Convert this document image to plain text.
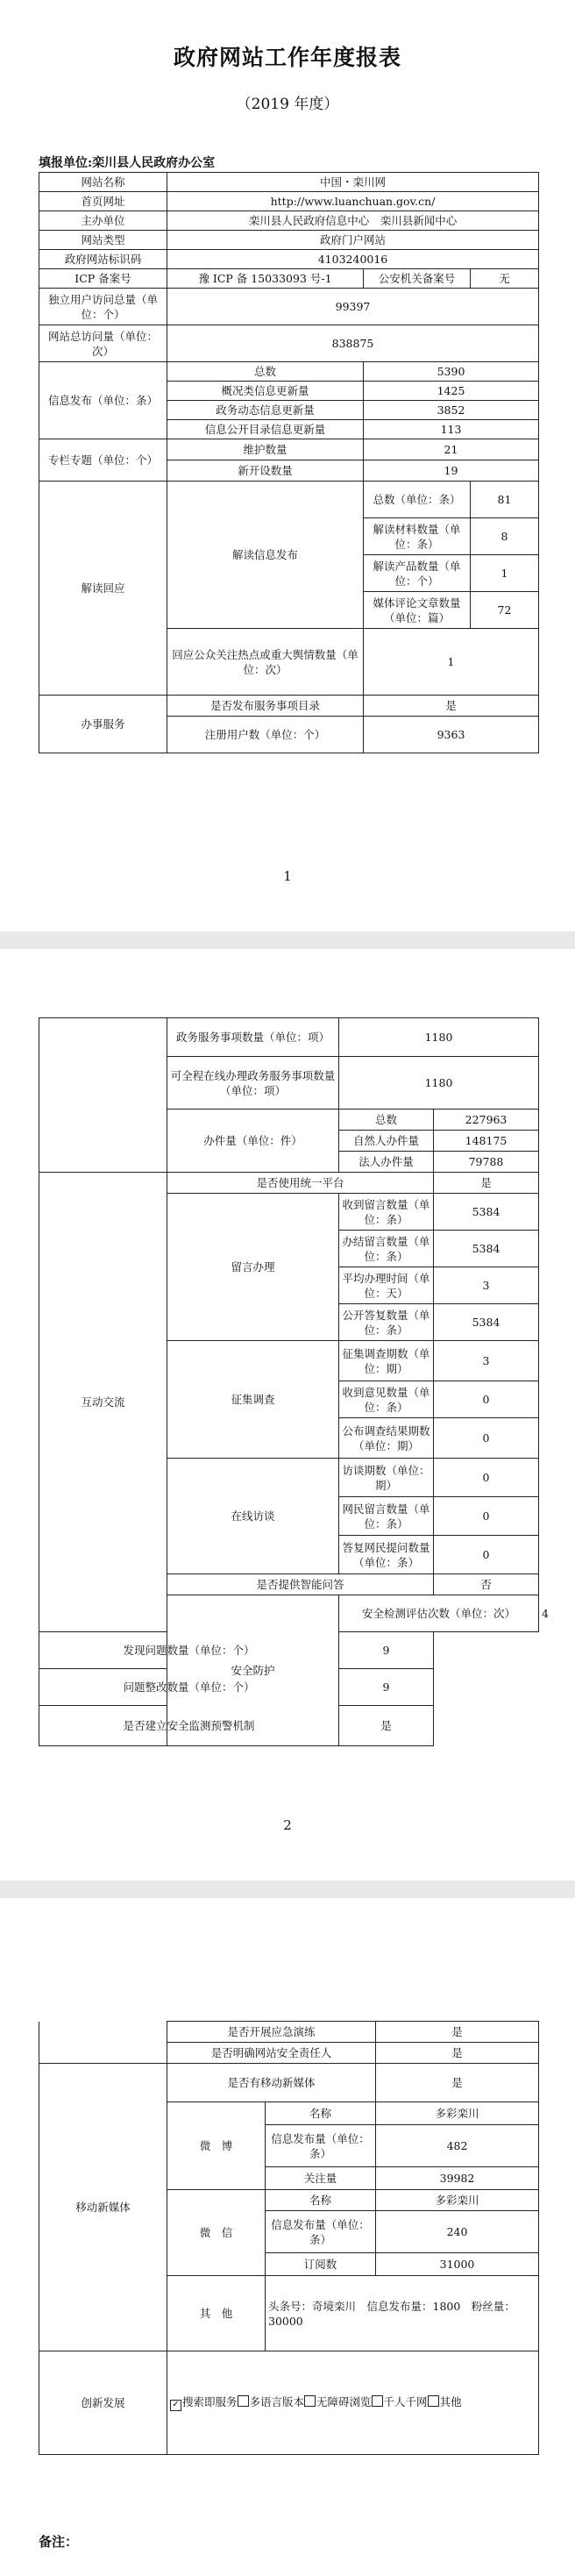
政府网站工作年度报表
（2019 年度）
填报单位:栾川县人民政府办公室
网站名称	中国・栾川网		
首页网址	http://www.luanchuan.gov.cn/		
主办单位	栾川县人民政府信息中心　栾川县新闻中心		
网站类型	政府门户网站		
政府网站标识码	4103240016		
ICP 备案号	豫 ICP 备 15033093 号-1	公安机关备案号	无
独立用户访问总量（单位：个）	99397		
网站总访问量（单位：次）	838875		
信息发布（单位：条）	总数	5390	
	概况类信息更新量	1425	
	政务动态信息更新量	3852	
	信息公开目录信息更新量	113	
专栏专题（单位：个）	维护数量	21	
	新开设数量	19	
解读回应	解读信息发布	总数（单位：条）	81
		解读材料数量（单位：条）	8
		解读产品数量（单位：个）	1
		媒体评论文章数量（单位：篇）	72
	回应公众关注热点或重大舆情数量（单位：次）	1	
办事服务	是否发布服务事项目录	是	
	注册用户数（单位：个）	9363	
1
	政务服务事项数量（单位：项）	1180		
	可全程在线办理政务服务事项数量（单位：项）	1180		
	办件量（单位：件）	总数	227963	
		自然人办件量	148175	
		法人办件量	79788	
互动交流	是否使用统一平台		是	
	留言办理	收到留言数量（单位：条）	5384	
		办结留言数量（单位：条）	5384	
		平均办理时间（单位：天）	3	
		公开答复数量（单位：条）	5384	
	征集调查	征集调查期数（单位：期）	3	
		收到意见数量（单位：条）	0	
		公布调查结果期数（单位：期）	0	
	在线访谈	访谈期数（单位：期）	0	
		网民留言数量（单位：条）	0	
		答复网民提问数量（单位：条）	0	
	是否提供智能问答		否	
	安全防护	安全检测评估次数（单位：次）		4
发现问题数量（单位：个）		9		
问题整改数量（单位：个）		9		
是否建立安全监测预警机制		是		
2
	是否开展应急演练		是
	是否明确网站安全责任人		是
移动新媒体	是否有移动新媒体		是
	微　博	名称	多彩栾川
		信息发布量（单位：条）	482
		关注量	39982
	微　信	名称	多彩栾川
		信息发布量（单位：条）	240
		订阅数	31000
	其　他	头条号：奇境栾川　信息发布量：1800　粉丝量：30000	
创新发展	✓ 搜索即服务 多语言版本 无障碍浏览 千人千网 其他		
备注：
